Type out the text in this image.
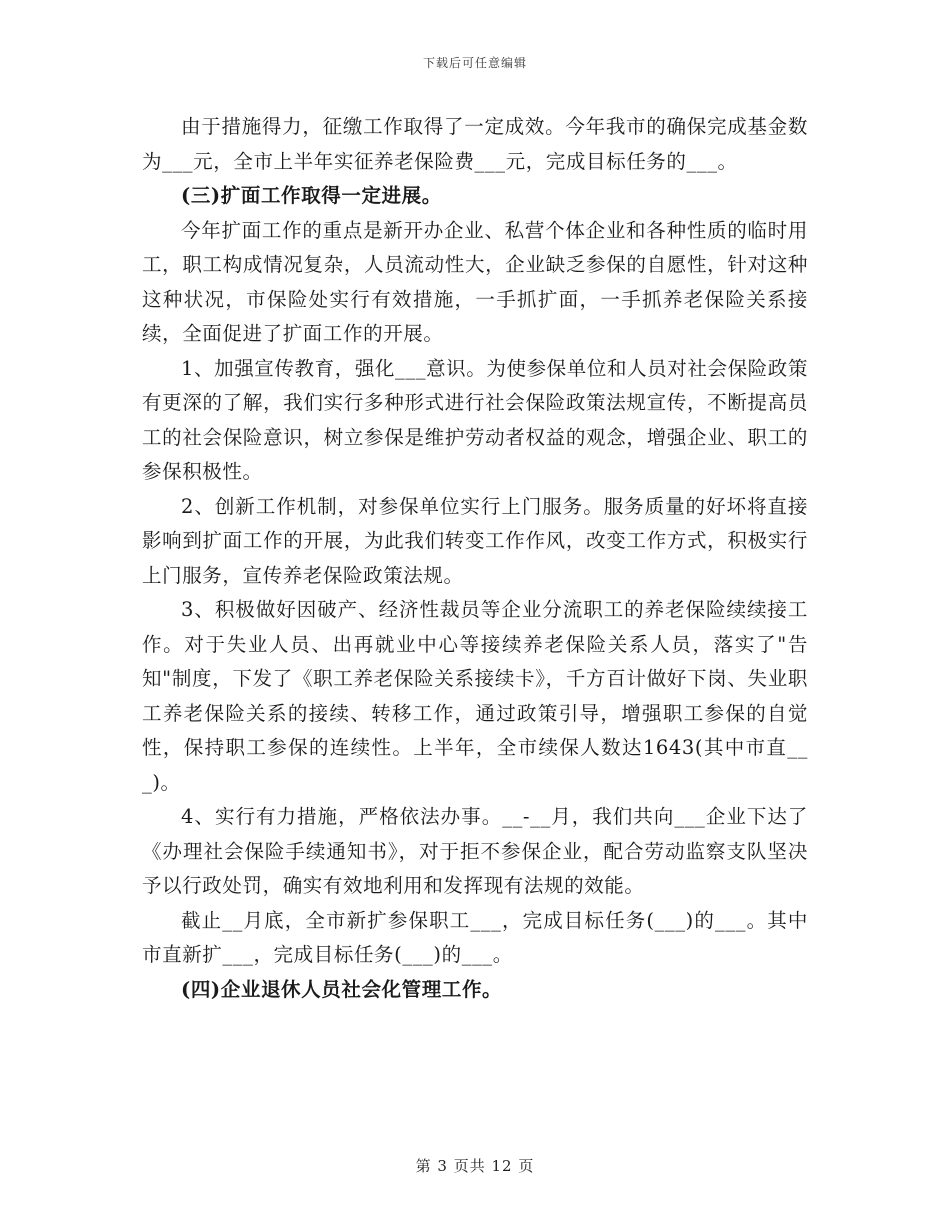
下载后可任意编辑

由于措施得力，征缴工作取得了一定成效。今年我市的确保完成基金数为___元，全市上半年实征养老保险费___元，完成目标任务的___。

(三)扩面工作取得一定进展。

今年扩面工作的重点是新开办企业、私营个体企业和各种性质的临时用工，职工构成情况复杂，人员流动性大，企业缺乏参保的自愿性，针对这种这种状况，市保险处实行有效措施，一手抓扩面，一手抓养老保险关系接续，全面促进了扩面工作的开展。

1、加强宣传教育，强化___意识。为使参保单位和人员对社会保险政策有更深的了解，我们实行多种形式进行社会保险政策法规宣传，不断提高员工的社会保险意识，树立参保是维护劳动者权益的观念，增强企业、职工的参保积极性。

2、创新工作机制，对参保单位实行上门服务。服务质量的好坏将直接影响到扩面工作的开展，为此我们转变工作作风，改变工作方式，积极实行上门服务，宣传养老保险政策法规。

3、积极做好因破产、经济性裁员等企业分流职工的养老保险续续接工作。对于失业人员、出再就业中心等接续养老保险关系人员，落实了"告知"制度，下发了《职工养老保险关系接续卡》，千方百计做好下岗、失业职工养老保险关系的接续、转移工作，通过政策引导，增强职工参保的自觉性，保持职工参保的连续性。上半年，全市续保人数达1643(其中市直___)。

4、实行有力措施，严格依法办事。__-__月，我们共向___企业下达了《办理社会保险手续通知书》，对于拒不参保企业，配合劳动监察支队坚决予以行政处罚，确实有效地利用和发挥现有法规的效能。

截止__月底，全市新扩参保职工___，完成目标任务(___)的___。其中市直新扩___，完成目标任务(___)的___。

(四)企业退休人员社会化管理工作。

第 3 页共 12 页
